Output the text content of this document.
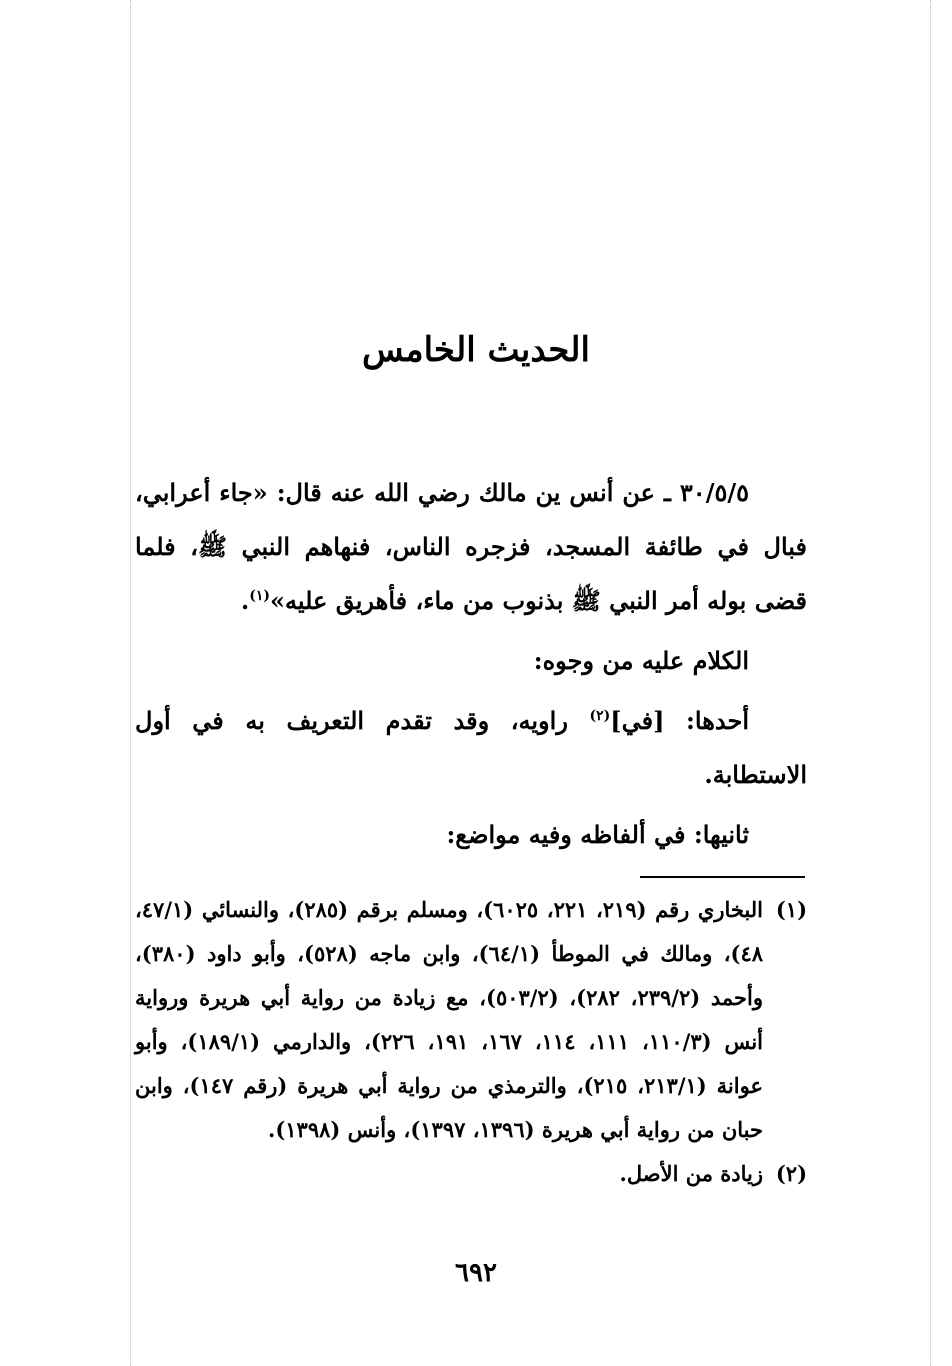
الحديث الخامس

٣٠/٥/٥ ـ عن أنس ين مالك رضي الله عنه قال: «جاء أعرابي، فبال في طائفة المسجد، فزجره الناس، فنهاهم النبي ﷺ، فلما قضى بوله أمر النبي ﷺ بذنوب من ماء، فأهريق عليه»$^{(١)}$.

الكلام عليه من وجوه:

أحدها: [في]$^{(٢)}$ راويه، وقد تقدم التعريف به في أول الاستطابة.

ثانيها: في ألفاظه وفيه مواضع:

(١)
البخاري رقم (٢١٩، ٢٢١، ٦٠٢٥)، ومسلم برقم (٢٨٥)، والنسائي (٤٧/١، ٤٨)، ومالك في الموطأ (٦٤/١)، وابن ماجه (٥٢٨)، وأبو داود (٣٨٠)، وأحمد (٢٣٩/٢، ٢٨٢)، (٥٠٣/٢)، مع زيادة من رواية أبي هريرة ورواية أنس (١١٠/٣، ١١١، ١١٤، ١٦٧، ١٩١، ٢٢٦)، والدارمي (١٨٩/١)، وأبو عوانة (٢١٣/١، ٢١٥)، والترمذي من رواية أبي هريرة (رقم ١٤٧)، وابن حبان من رواية أبي هريرة (١٣٩٦، ١٣٩٧)، وأنس (١٣٩٨).
(٢)
زيادة من الأصل.
٦٩٢
